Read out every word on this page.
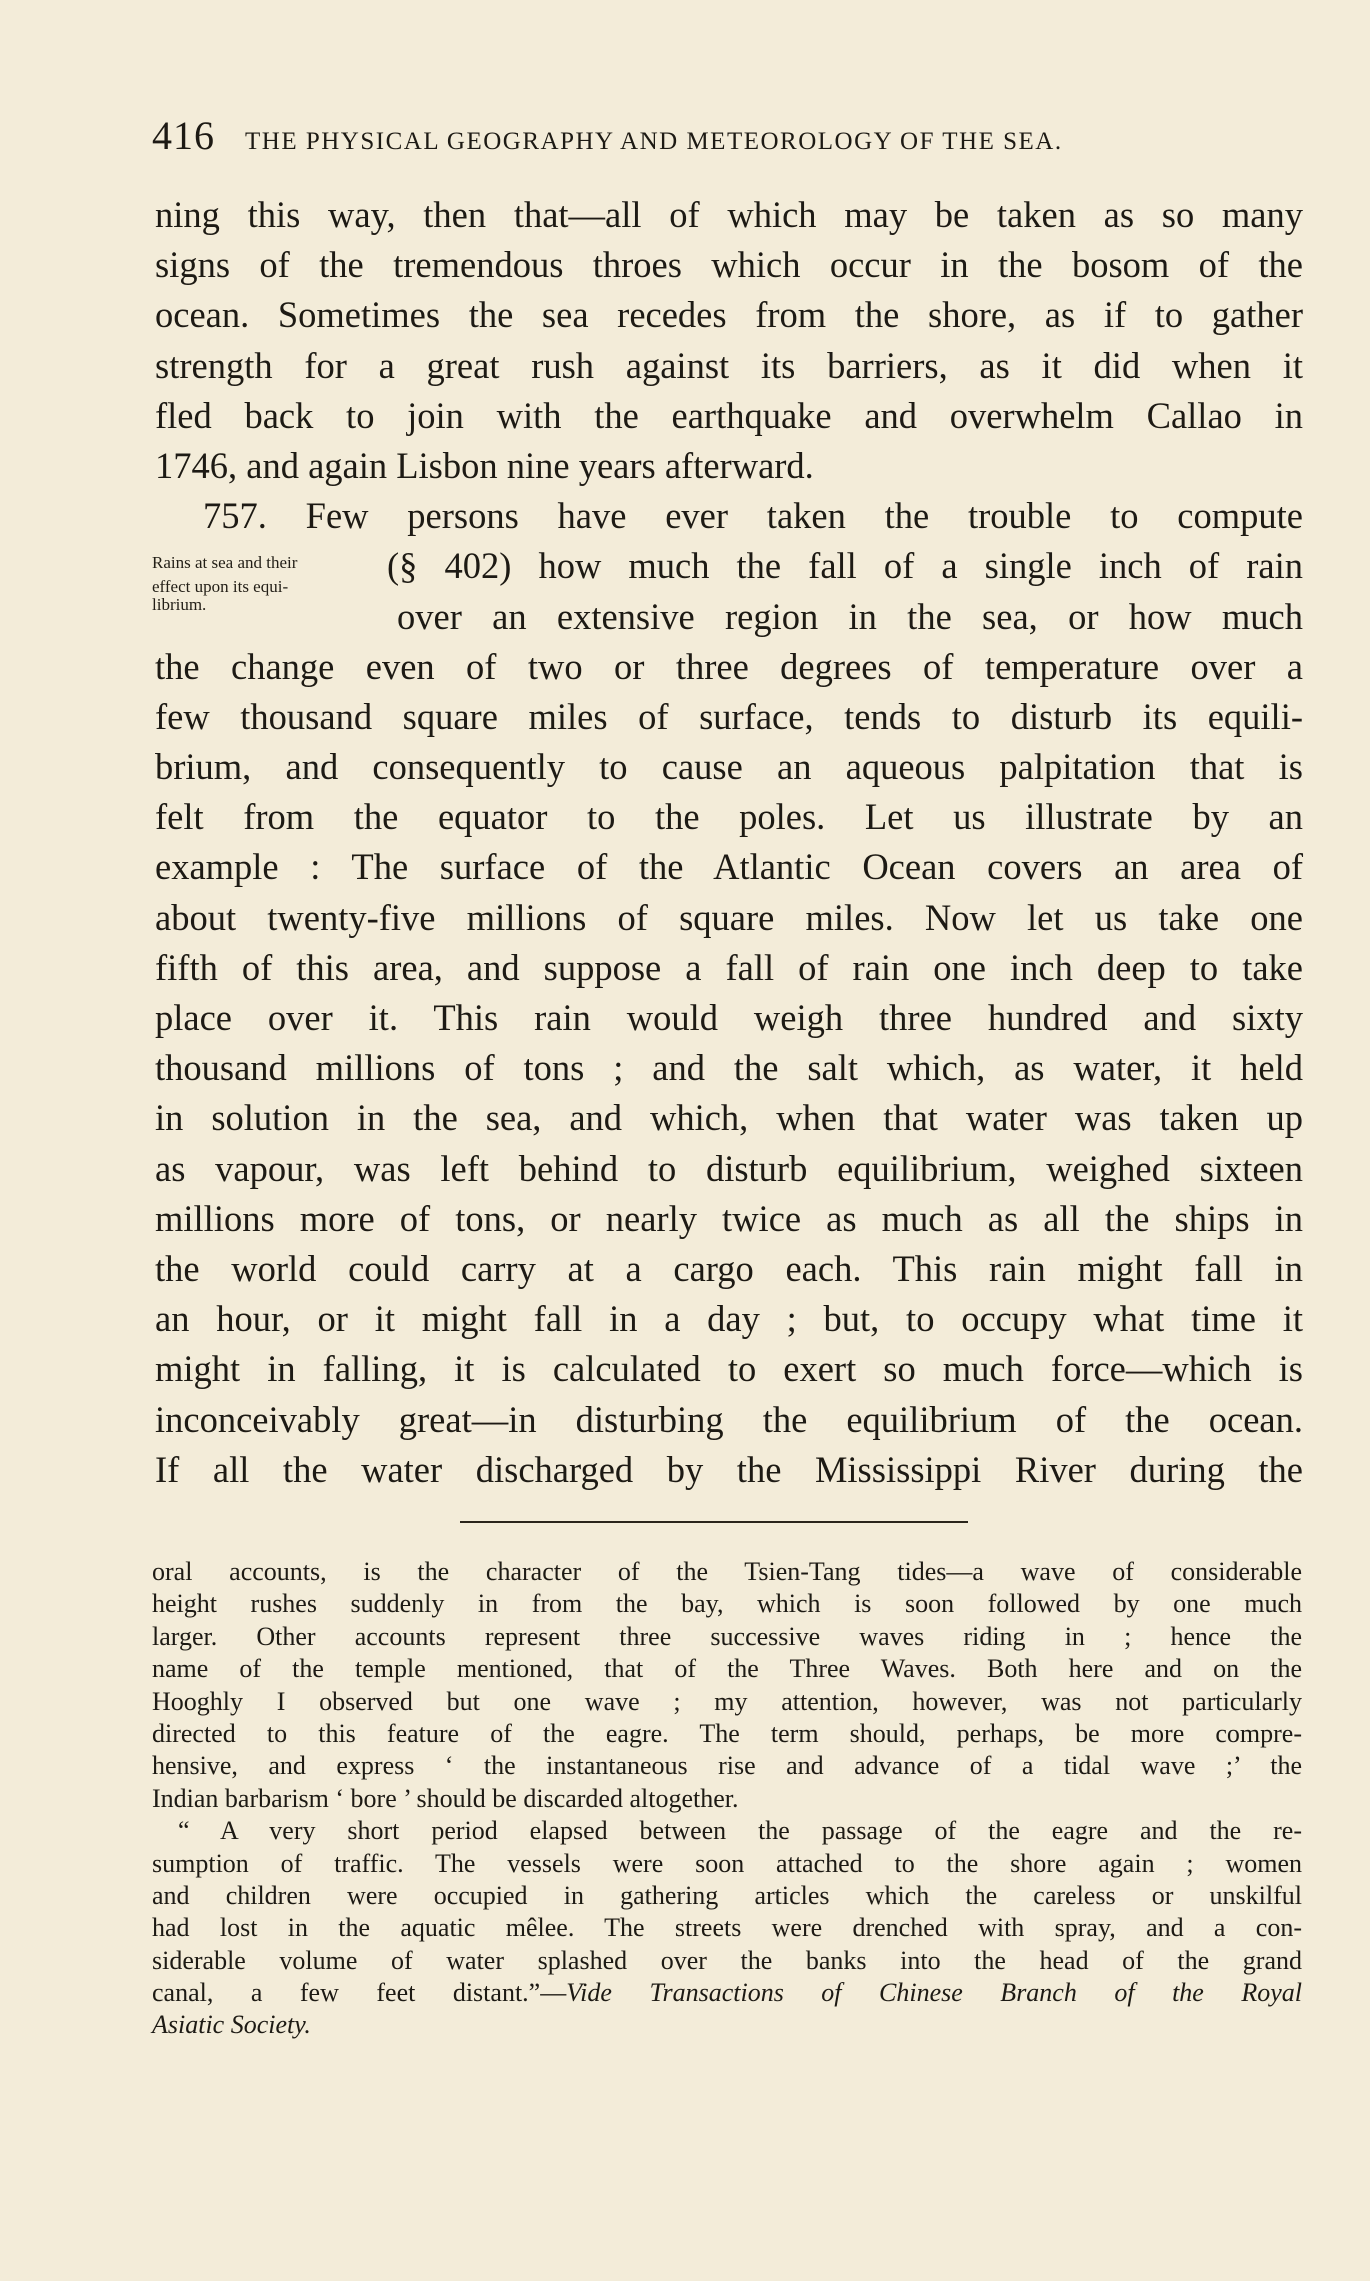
416 THE PHYSICAL GEOGRAPHY AND METEOROLOGY OF THE SEA.
ning this way, then that—all of which may be taken as so many
signs of the tremendous throes which occur in the bosom of the
ocean. Sometimes the sea recedes from the shore, as if to gather
strength for a great rush against its barriers, as it did when it
fled back to join with the earthquake and overwhelm Callao in
1746, and again Lisbon nine years afterward.
757. Few persons have ever taken the trouble to compute
(§ 402) how much the fall of a single inch of rain
over an extensive region in the sea, or how much
the change even of two or three degrees of temperature over a
few thousand square miles of surface, tends to disturb its equili-
brium, and consequently to cause an aqueous palpitation that is
felt from the equator to the poles. Let us illustrate by an
example : The surface of the Atlantic Ocean covers an area of
about twenty-five millions of square miles. Now let us take one
fifth of this area, and suppose a fall of rain one inch deep to take
place over it. This rain would weigh three hundred and sixty
thousand millions of tons ; and the salt which, as water, it held
in solution in the sea, and which, when that water was taken up
as vapour, was left behind to disturb equilibrium, weighed sixteen
millions more of tons, or nearly twice as much as all the ships in
the world could carry at a cargo each. This rain might fall in
an hour, or it might fall in a day ; but, to occupy what time it
might in falling, it is calculated to exert so much force—which is
inconceivably great—in disturbing the equilibrium of the ocean.
If all the water discharged by the Mississippi River during the
Rains at sea and their
effect upon its equi-
librium.
oral accounts, is the character of the Tsien-Tang tides—a wave of considerable
height rushes suddenly in from the bay, which is soon followed by one much
larger. Other accounts represent three successive waves riding in ; hence the
name of the temple mentioned, that of the Three Waves. Both here and on the
Hooghly I observed but one wave ; my attention, however, was not particularly
directed to this feature of the eagre. The term should, perhaps, be more compre-
hensive, and express ‘ the instantaneous rise and advance of a tidal wave ;’ the
Indian barbarism ‘ bore ’ should be discarded altogether.
“ A very short period elapsed between the passage of the eagre and the re-
sumption of traffic. The vessels were soon attached to the shore again ; women
and children were occupied in gathering articles which the careless or unskilful
had lost in the aquatic mêlee. The streets were drenched with spray, and a con-
siderable volume of water splashed over the banks into the head of the grand
canal, a few feet distant.”—Vide Transactions of Chinese Branch of the Royal
Asiatic Society.
